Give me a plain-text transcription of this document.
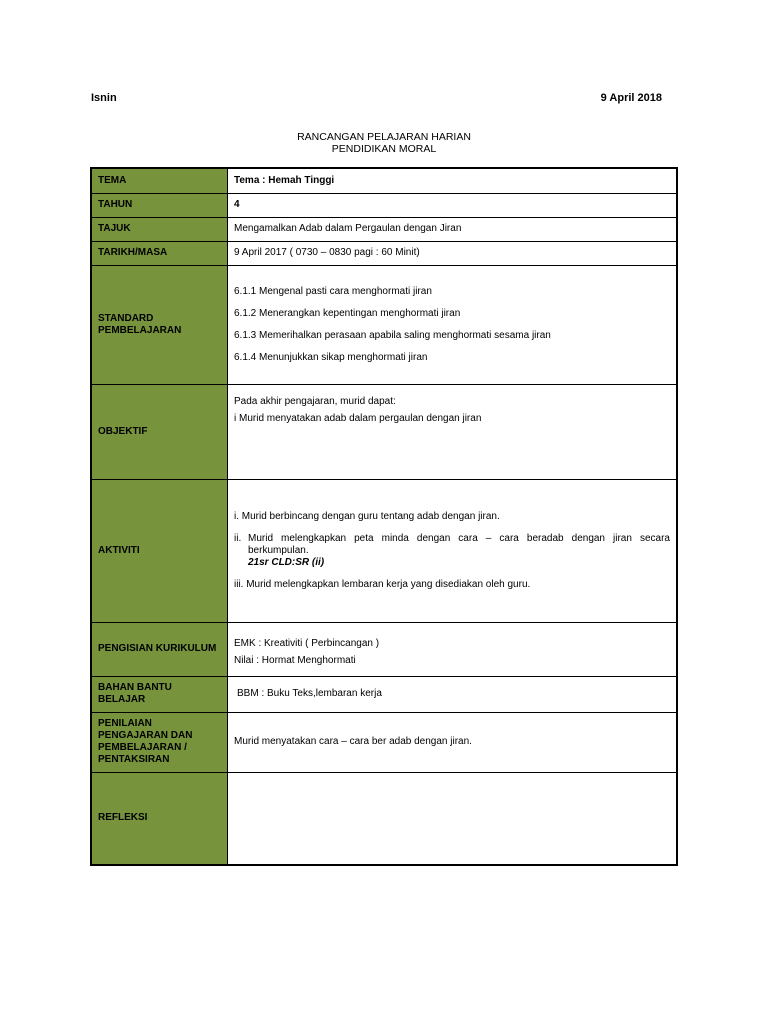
Isnin	9 April 2018
RANCANGAN PELAJARAN HARIAN
PENDIDIKAN MORAL
TEMA	Tema : Hemah Tinggi
TAHUN	4
TAJUK	Mengamalkan Adab dalam Pergaulan dengan Jiran
TARIKH/MASA	9 April 2017 ( 0730 – 0830 pagi : 60 Minit)
STANDARD PEMBELAJARAN	6.1.1 Mengenal pasti cara menghormati jiran

6.1.2 Menerangkan kepentingan menghormati jiran

6.1.3 Memerihalkan perasaan apabila saling menghormati sesama jiran

6.1.4 Menunjukkan sikap menghormati jiran

OBJEKTIF	Pada akhir pengajaran, murid dapat:
i Murid menyatakan adab dalam pergaulan dengan jiran

AKTIVITI	i. Murid berbincang dengan guru tentang adab dengan jiran.

ii. Murid melengkapkan peta minda dengan cara – cara beradab dengan jiran secara berkumpulan.
21sr CLD:SR (ii)

iii. Murid melengkapkan lembaran kerja yang disediakan oleh guru.

PENGISIAN KURIKULUM	EMK : Kreativiti ( Perbincangan )
Nilai : Hormat Menghormati

BAHAN BANTU BELAJAR	BBM : Buku Teks,lembaran kerja
PENILAIAN PENGAJARAN DAN PEMBELAJARAN / PENTAKSIRAN	Murid menyatakan cara – cara ber adab dengan jiran.
REFLEKSI	
